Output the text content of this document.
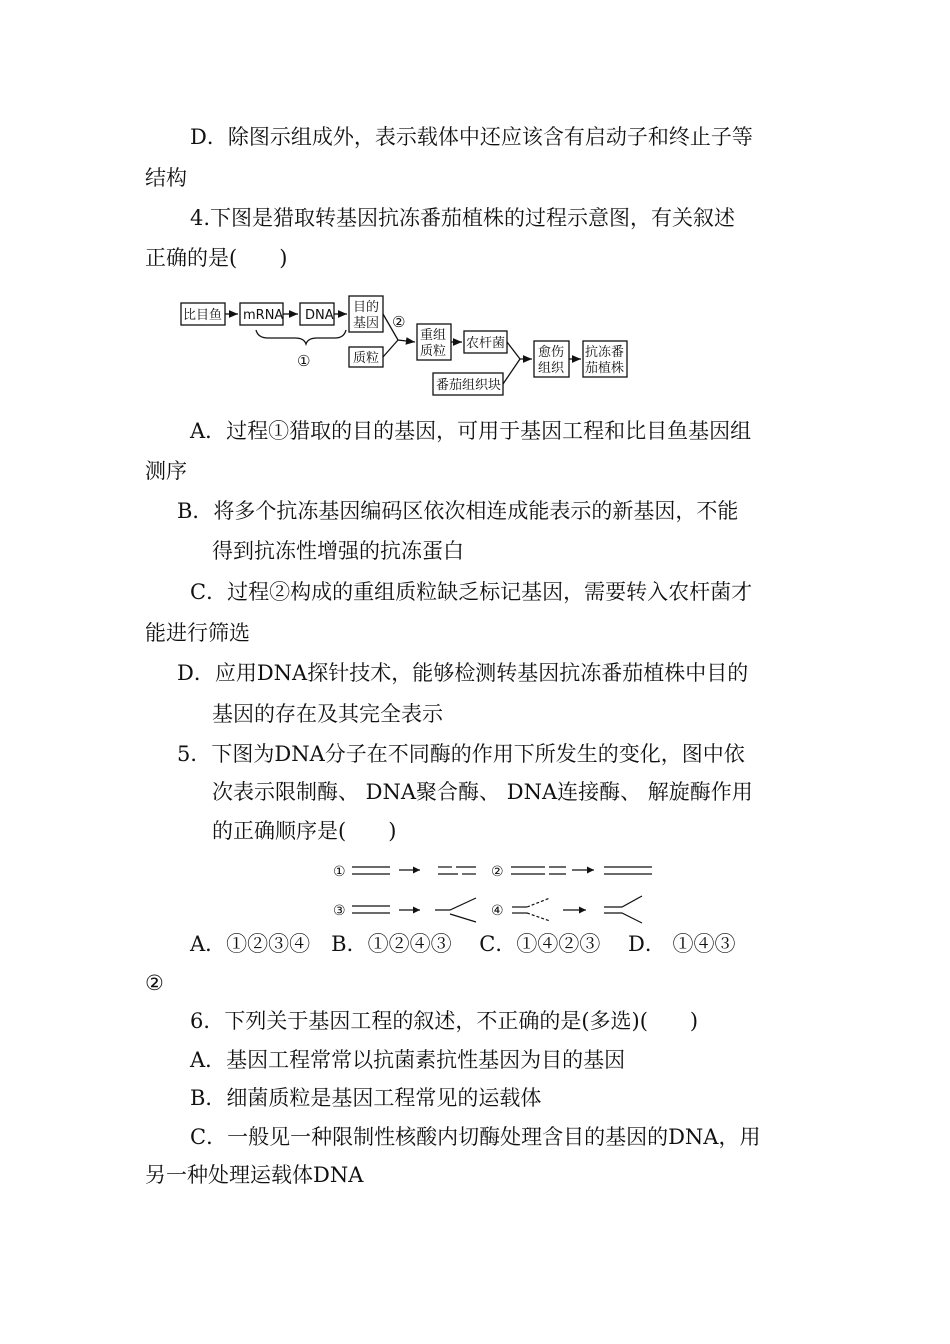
D．除图示组成外，表示载体中还应该含有启动子和终止子等
结构
4.下图是猎取转基因抗冻番茄植株的过程示意图，有关叙述
正确的是(　　)
比目鱼 mRNA DNA
目的
基因
质粒
重组
质粒
农杆菌
番茄组织块
愈伤
组织
抗冻番
茄植株
②
①
A．过程①猎取的目的基因，可用于基因工程和比目鱼基因组
测序
B．将多个抗冻基因编码区依次相连成能表示的新基因，不能
得到抗冻性增强的抗冻蛋白
C．过程②构成的重组质粒缺乏标记基因，需要转入农杆菌才
能进行筛选
D．应用DNA探针技术，能够检测转基因抗冻番茄植株中目的
基因的存在及其完全表示
5．下图为DNA分子在不同酶的作用下所发生的变化，图中依
次表示限制酶、 DNA聚合酶、 DNA连接酶、 解旋酶作用
的正确顺序是(　　)
①	②
③	④
A．①②③④　B．①②④③　 C．①④②③　 D． ①④③
②
6．下列关于基因工程的叙述，不正确的是(多选)(　　)
A．基因工程常常以抗菌素抗性基因为目的基因
B．细菌质粒是基因工程常见的运载体
C．一般见一种限制性核酸内切酶处理含目的基因的DNA，用
另一种处理运载体DNA
